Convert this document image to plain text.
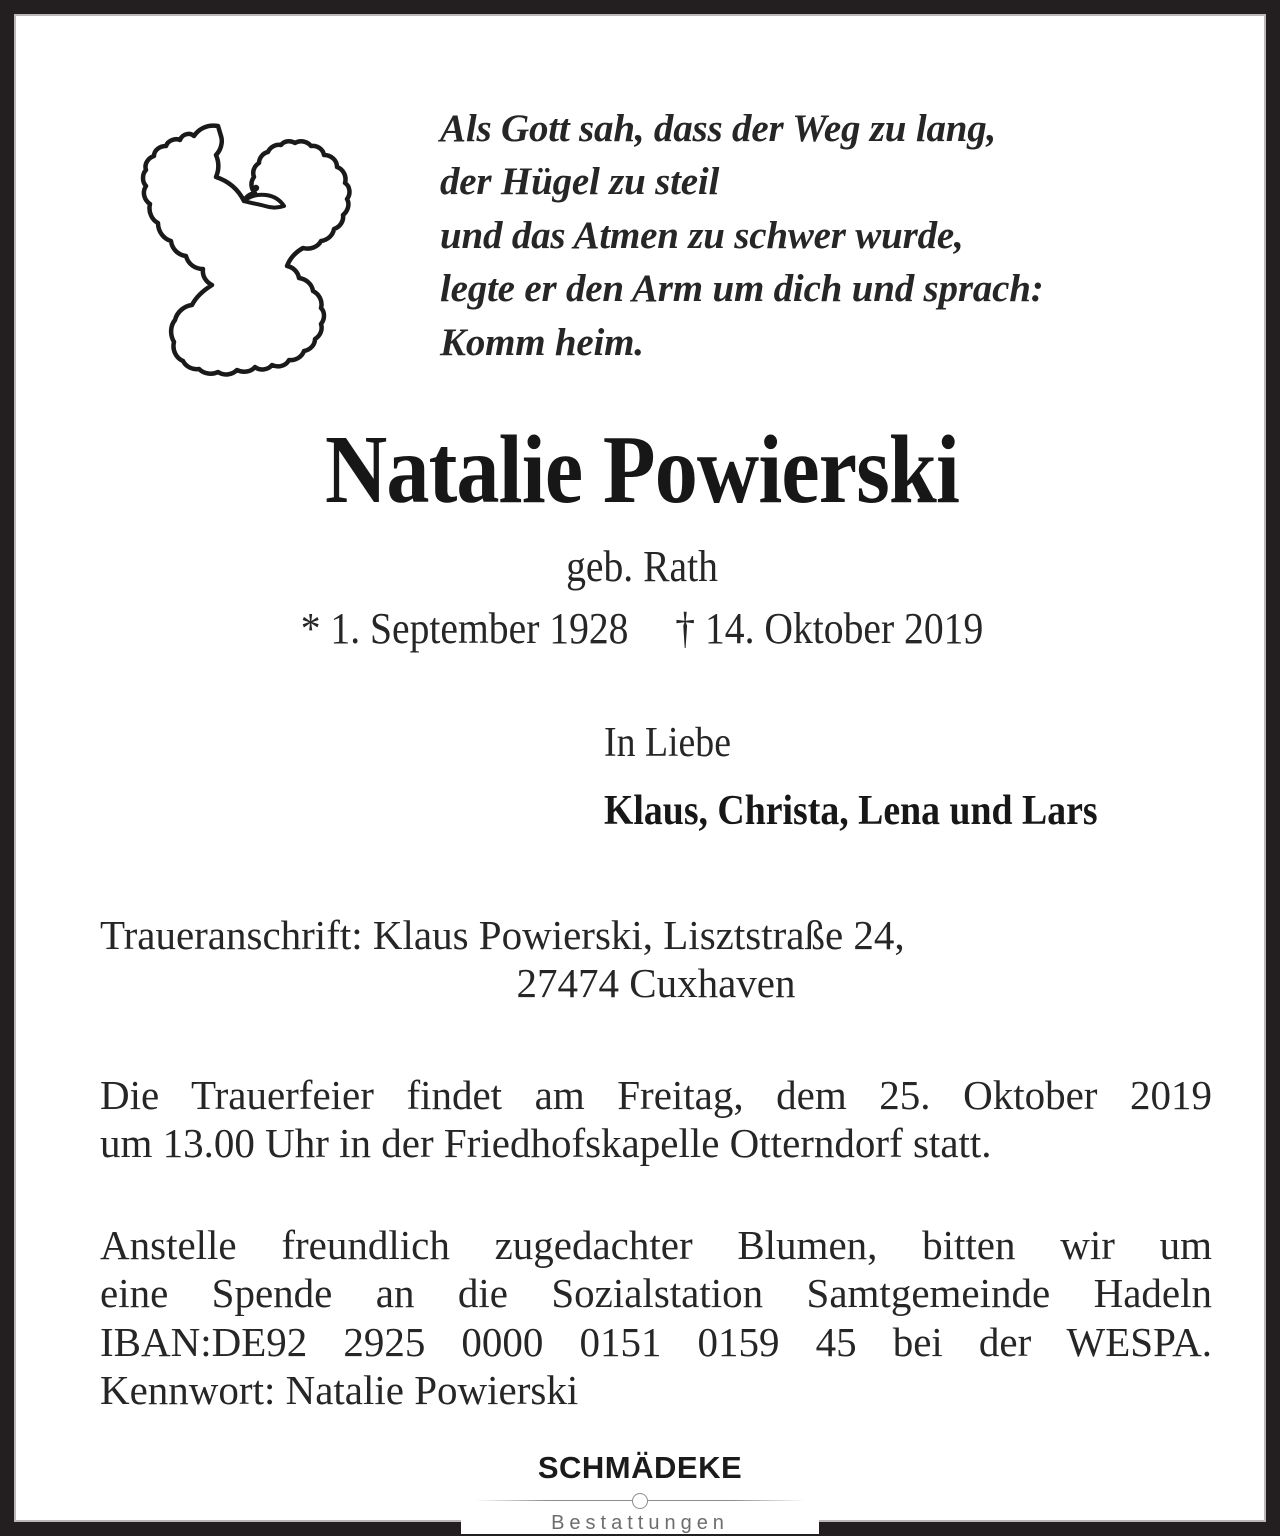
Als Gott sah, dass der Weg zu lang,
der Hügel zu steil
und das Atmen zu schwer wurde,
legte er den Arm um dich und sprach:
Komm heim.
Natalie Powierski
geb. Rath
* 1. September 1928 † 14. Oktober 2019
In Liebe
Klaus, Christa, Lena und Lars
Traueranschrift: Klaus Powierski, Lisztstraße 24,
27474 Cuxhaven
Die Trauerfeier findet am Freitag, dem 25. Oktober 2019
um 13.00 Uhr in der Friedhofskapelle Otterndorf statt.
Anstelle freundlich zugedachter Blumen, bitten wir um
eine Spende an die Sozialstation Samtgemeinde Hadeln
IBAN:DE92 2925 0000 0151 0159 45 bei der WESPA.
Kennwort: Natalie Powierski
SCHMÄDEKE
Bestattungen
